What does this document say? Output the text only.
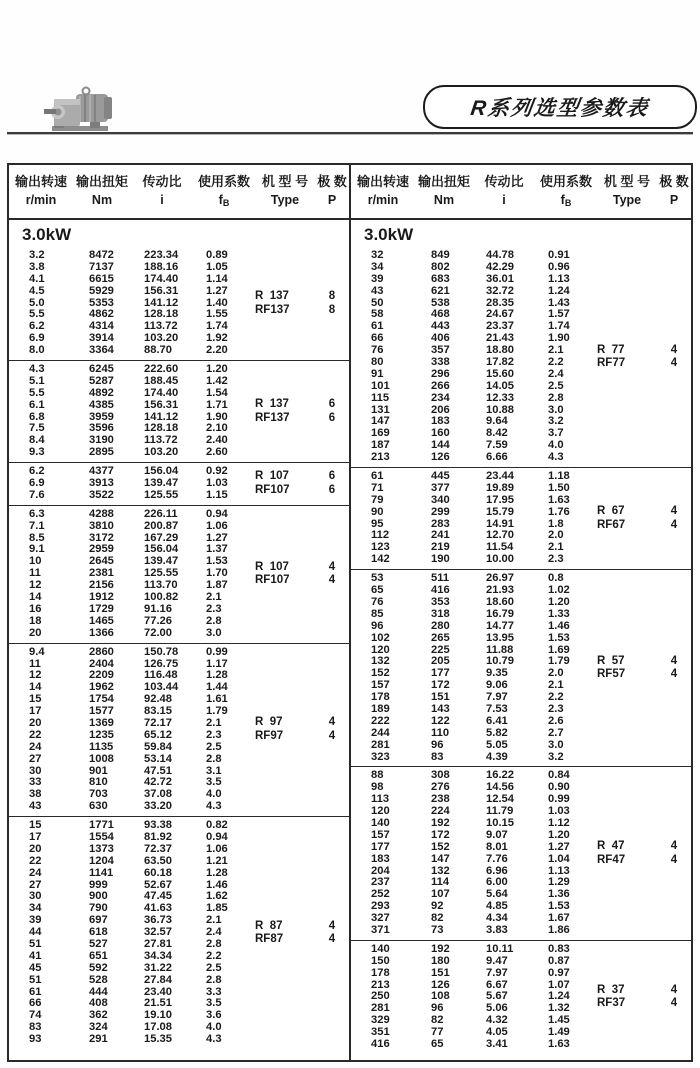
R系列选型参数表
输出转速 输出扭矩	传动比	使用系数 机 型 号 极 数
r/min	Nm	i	$f_B$	Type	P
3.0kW
3.2	8472	223.34	0.89
3.8	7137	188.16	1.05
4.1	6615	174.40	1.14
4.5	5929	156.31	1.27
5.0	5353	141.12	1.40
5.5	4862	128.18	1.55
6.2	4314	113.72	1.74
6.9	3914	103.20	1.92
8.0	3364	88.70	2.20
R  137	8
RF137	8
4.3	6245	222.60	1.20
5.1	5287	188.45	1.42
5.5	4892	174.40	1.54
6.1	4385	156.31	1.71
6.8	3959	141.12	1.90
7.5	3596	128.18	2.10
8.4	3190	113.72	2.40
9.3	2895	103.20	2.60
R  137	6
RF137	6
6.2	4377	156.04	0.92
6.9	3913	139.47	1.03
7.6	3522	125.55	1.15
R  107	6
RF107	6
6.3	4288	226.11	0.94
7.1	3810	200.87	1.06
8.5	3172	167.29	1.27
9.1	2959	156.04	1.37
10	2645	139.47	1.53
11	2381	125.55	1.70
12	2156	113.70	1.87
14	1912	100.82	2.1
16	1729	91.16	2.3
18	1465	77.26	2.8
20	1366	72.00	3.0
R  107	4
RF107	4
9.4	2860	150.78	0.99
11	2404	126.75	1.17
12	2209	116.48	1.28
14	1962	103.44	1.44
15	1754	92.48	1.61
17	1577	83.15	1.79
20	1369	72.17	2.1
22	1235	65.12	2.3
24	1135	59.84	2.5
27	1008	53.14	2.8
30	901	47.51	3.1
33	810	42.72	3.5
38	703	37.08	4.0
43	630	33.20	4.3
R  97	4
RF97	4
15	1771	93.38	0.82
17	1554	81.92	0.94
20	1373	72.37	1.06
22	1204	63.50	1.21
24	1141	60.18	1.28
27	999	52.67	1.46
30	900	47.45	1.62
34	790	41.63	1.85
39	697	36.73	2.1
44	618	32.57	2.4
51	527	27.81	2.8
41	651	34.34	2.2
45	592	31.22	2.5
51	528	27.84	2.8
61	444	23.40	3.3
66	408	21.51	3.5
74	362	19.10	3.6
83	324	17.08	4.0
93	291	15.35	4.3
R  87	4
RF87	4
输出转速 输出扭矩	传动比	使用系数 机 型 号 极 数
r/min	Nm	i	$f_B$	Type	P
3.0kW
32	849	44.78	0.91
34	802	42.29	0.96
39	683	36.01	1.13
43	621	32.72	1.24
50	538	28.35	1.43
58	468	24.67	1.57
61	443	23.37	1.74
66	406	21.43	1.90
76	357	18.80	2.1
80	338	17.82	2.2
91	296	15.60	2.4
101	266	14.05	2.5
115	234	12.33	2.8
131	206	10.88	3.0
147	183	9.64	3.2
169	160	8.42	3.7
187	144	7.59	4.0
213	126	6.66	4.3
R  77	4
RF77	4
61	445	23.44	1.18
71	377	19.89	1.50
79	340	17.95	1.63
90	299	15.79	1.76
95	283	14.91	1.8
112	241	12.70	2.0
123	219	11.54	2.1
142	190	10.00	2.3
R  67	4
RF67	4
53	511	26.97	0.8
65	416	21.93	1.02
76	353	18.60	1.20
85	318	16.79	1.33
96	280	14.77	1.46
102	265	13.95	1.53
120	225	11.88	1.69
132	205	10.79	1.79
152	177	9.35	2.0
157	172	9.06	2.1
178	151	7.97	2.2
189	143	7.53	2.3
222	122	6.41	2.6
244	110	5.82	2.7
281	96	5.05	3.0
323	83	4.39	3.2
R  57	4
RF57	4
88	308	16.22	0.84
98	276	14.56	0.90
113	238	12.54	0.99
120	224	11.79	1.03
140	192	10.15	1.12
157	172	9.07	1.20
177	152	8.01	1.27
183	147	7.76	1.04
204	132	6.96	1.13
237	114	6.00	1.29
252	107	5.64	1.36
293	92	4.85	1.53
327	82	4.34	1.67
371	73	3.83	1.86
R  47	4
RF47	4
140	192	10.11	0.83
150	180	9.47	0.87
178	151	7.97	0.97
213	126	6.67	1.07
250	108	5.67	1.24
281	96	5.06	1.32
329	82	4.32	1.45
351	77	4.05	1.49
416	65	3.41	1.63
R  37	4
RF37	4
